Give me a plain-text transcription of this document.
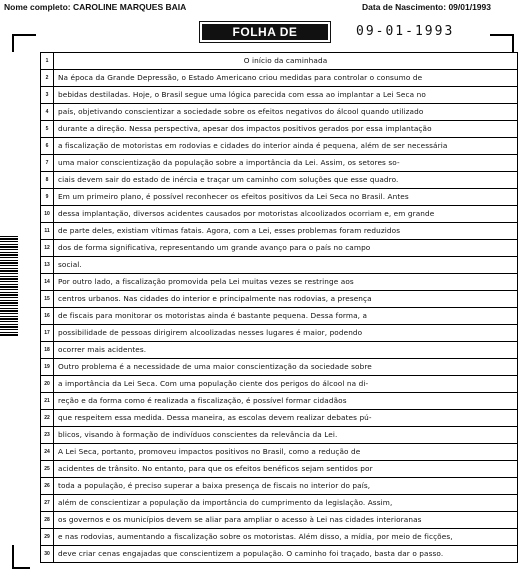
Nome completo: CAROLINE MARQUES BAIA	Data de Nascimento: 09/01/1993
FOLHA DE REDAÇÃO
09-01-1993
1	O início da caminhada
2	Na época da Grande Depressão, o Estado Americano criou medidas para controlar o consumo de
3	bebidas destiladas. Hoje, o Brasil segue uma lógica parecida com essa ao implantar a Lei Seca no
4	país, objetivando conscientizar a sociedade sobre os efeitos negativos do álcool quando utilizado
5	durante a direção. Nessa perspectiva, apesar dos impactos positivos gerados por essa implantação
6	a fiscalização de motoristas em rodovias e cidades do interior ainda é pequena, além de ser necessária
7	uma maior conscientização da população sobre a importância da Lei. Assim, os setores so-
8	ciais devem sair do estado de inércia e traçar um caminho com soluções que esse quadro.
9	Em um primeiro plano, é possível reconhecer os efeitos positivos da Lei Seca no Brasil. Antes
10	dessa implantação, diversos acidentes causados por motoristas alcoolizados ocorriam e, em grande
11	de parte deles, existiam vítimas fatais. Agora, com a Lei, esses problemas foram reduzidos
12	dos de forma significativa, representando um grande avanço para o país no campo
13	social.
14	Por outro lado, a fiscalização promovida pela Lei muitas vezes se restringe aos
15	centros urbanos. Nas cidades do interior e principalmente nas rodovias, a presença
16	de fiscais para monitorar os motoristas ainda é bastante pequena. Dessa forma, a
17	possibilidade de pessoas dirigirem alcoolizadas nesses lugares é maior, podendo
18	ocorrer mais acidentes.
19	Outro problema é a necessidade de uma maior conscientização da sociedade sobre
20	a importância da Lei Seca. Com uma população ciente dos perigos do álcool na di-
21	reção e da forma como é realizada a fiscalização, é possível formar cidadãos
22	que respeitem essa medida. Dessa maneira, as escolas devem realizar debates pú-
23	blicos, visando à formação de indivíduos conscientes da relevância da Lei.
24	A Lei Seca, portanto, promoveu impactos positivos no Brasil, como a redução de
25	acidentes de trânsito. No entanto, para que os efeitos benéficos sejam sentidos por
26	toda a população, é preciso superar a baixa presença de fiscais no interior do país,
27	além de conscientizar a população da importância do cumprimento da legislação. Assim,
28	os governos e os municípios devem se aliar para ampliar o acesso à Lei nas cidades interioranas
29	e nas rodovias, aumentando a fiscalização sobre os motoristas. Além disso, a mídia, por meio de ficções,
30	deve criar cenas engajadas que conscientizem a população. O caminho foi traçado, basta dar o passo.
